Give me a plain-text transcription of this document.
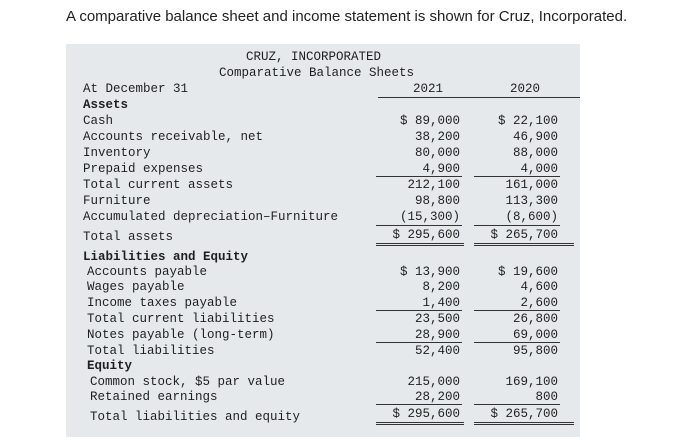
A comparative balance sheet and income statement is shown for Cruz, Incorporated.
CRUZ, INCORPORATED
Comparative Balance Sheets
At December 31	2021	2020
Assets
Cash	$ 89,000	$ 22,100
Accounts receivable, net	38,200	46,900
Inventory	80,000	88,000
Prepaid expenses	4,900	4,000
Total current assets	212,100	161,000
Furniture	98,800	113,300
Accumulated depreciation–Furniture	(15,300)	(8,600)
Total assets	$ 295,600 $ 265,700
Liabilities and Equity
Accounts payable	$ 13,900	$ 19,600
Wages payable	8,200	4,600
Income taxes payable	1,400	2,600
Total current liabilities	23,500	26,800
Notes payable (long-term)	28,900	69,000
Total liabilities	52,400	95,800
Equity
Common stock, $5 par value	215,000	169,100
Retained earnings	28,200	800
Total liabilities and equity	$ 295,600 $ 265,700
